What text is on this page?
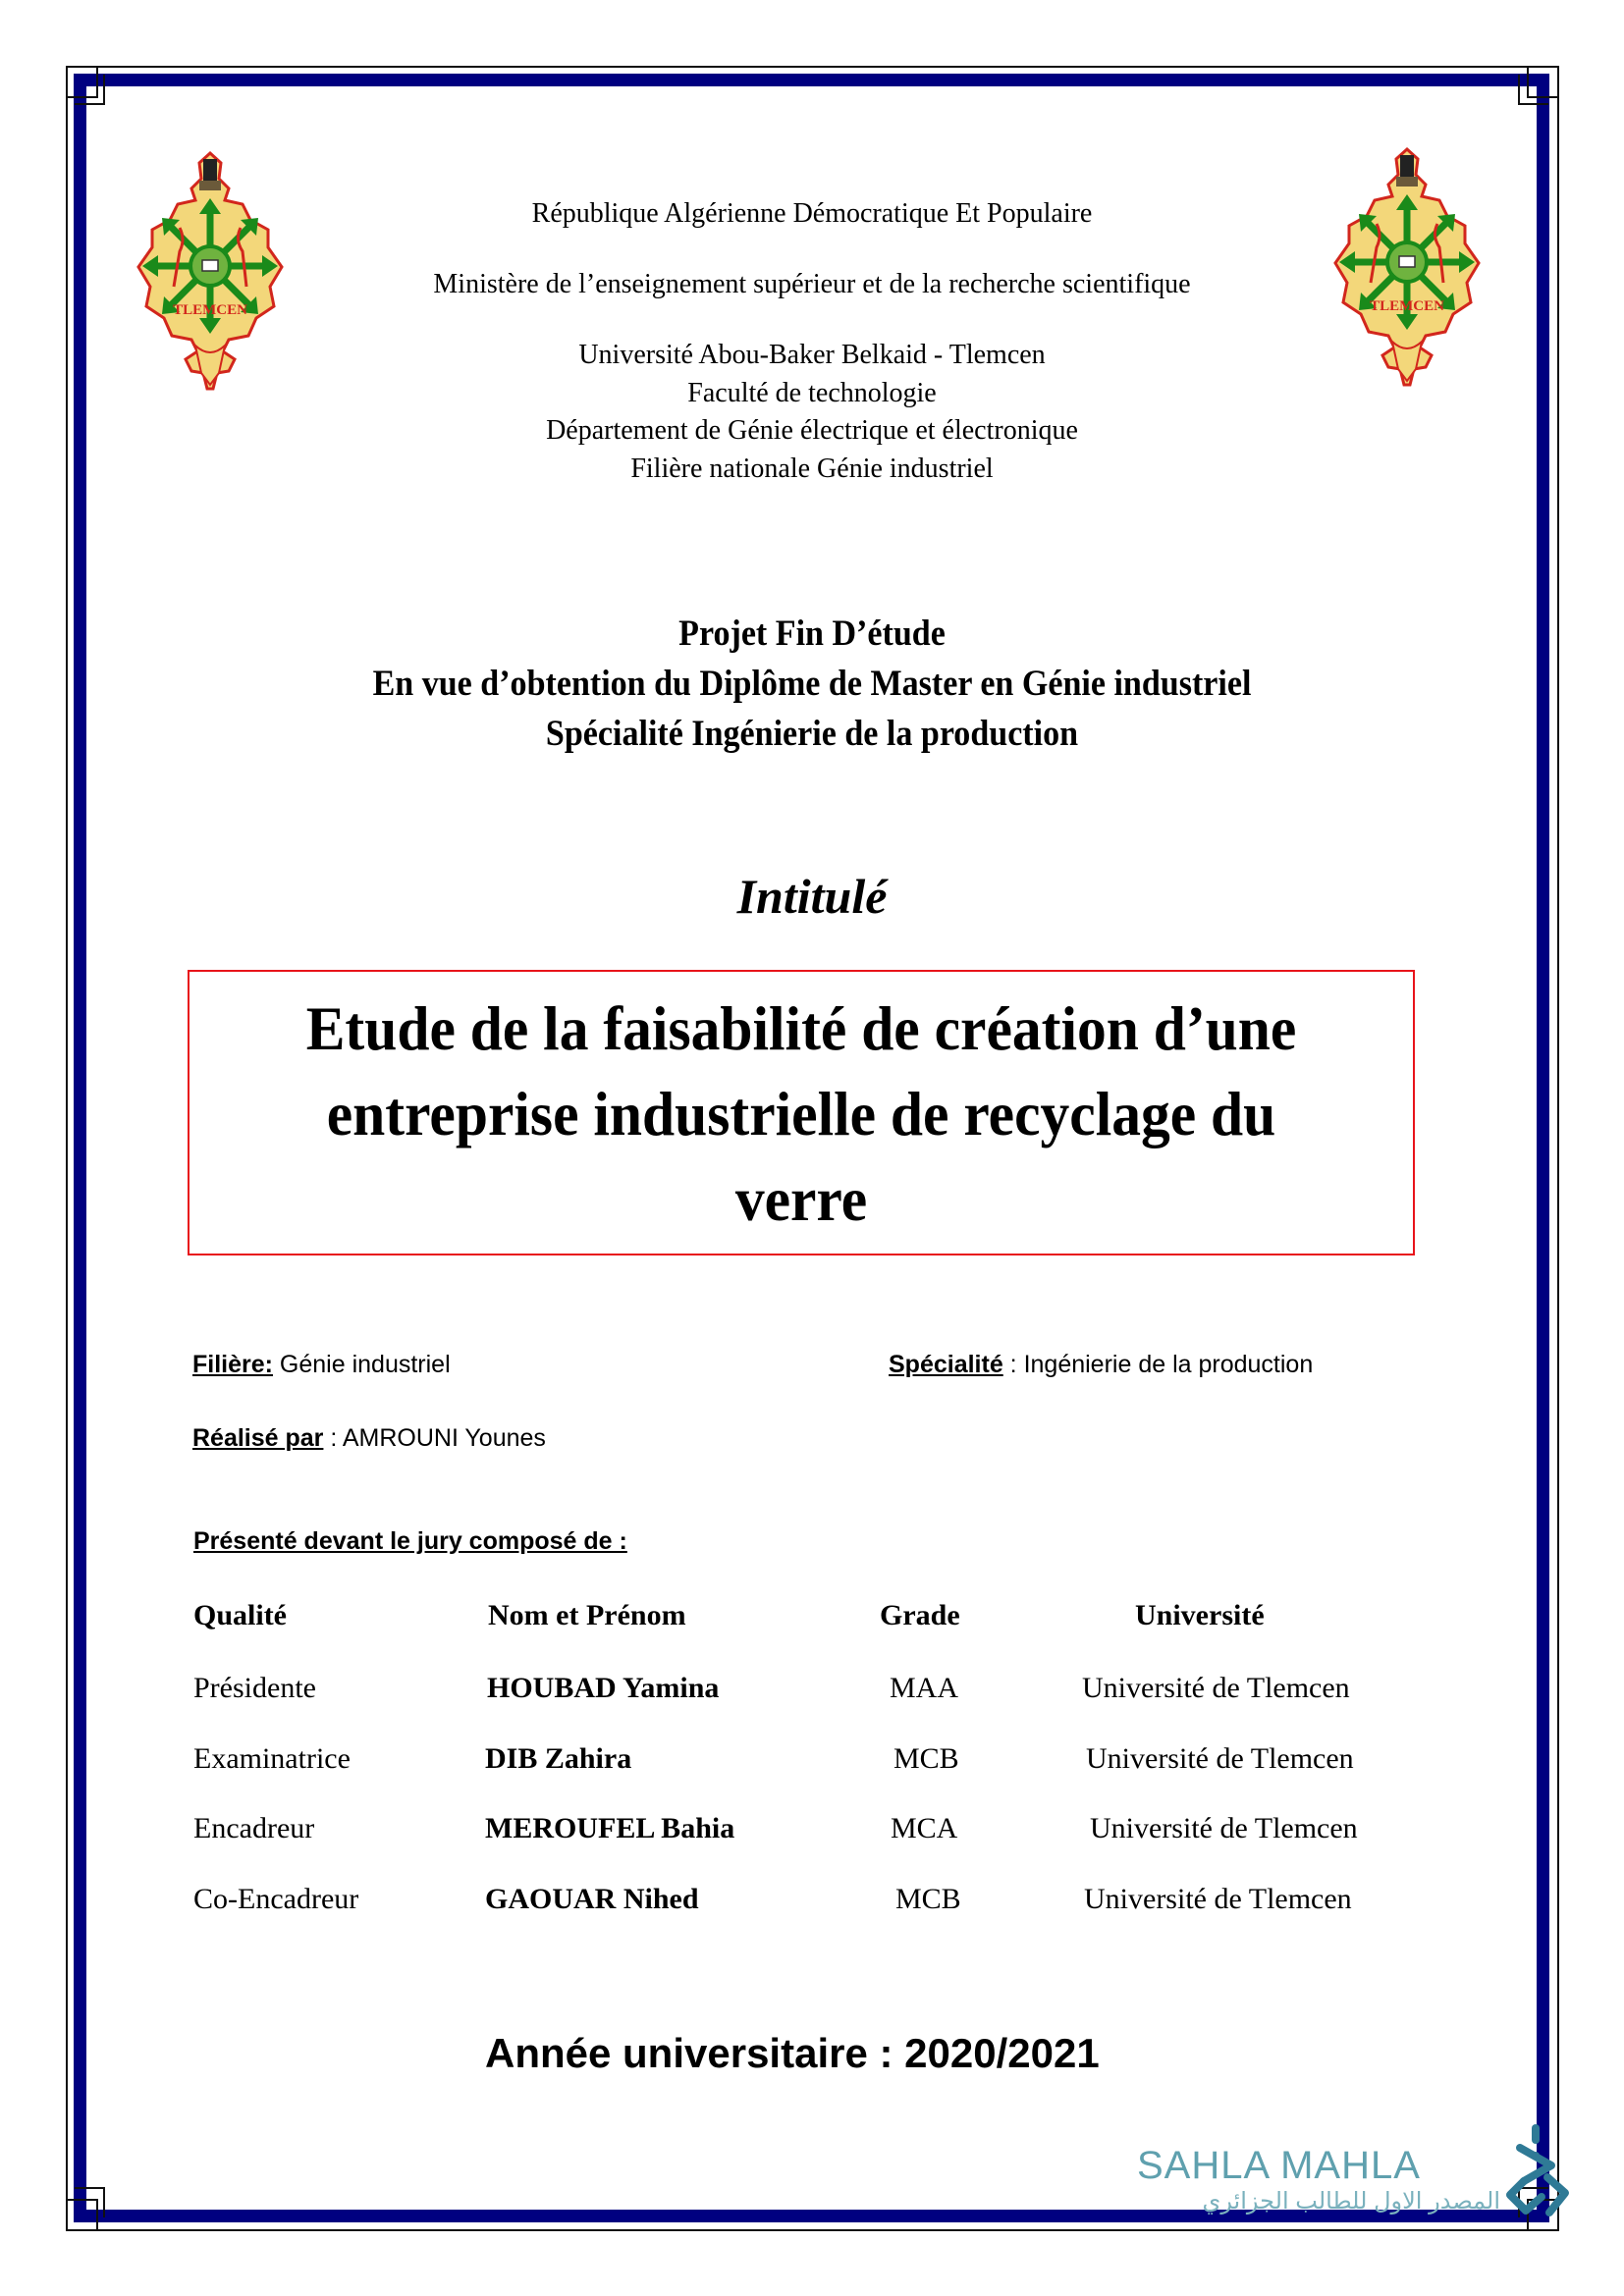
TLEMCEN	TLEMCEN
République Algérienne Démocratique Et Populaire
Ministère de l’enseignement supérieur et de la recherche scientifique
Université Abou-Baker Belkaid - Tlemcen
Faculté de technologie
Département de Génie électrique et électronique
Filière nationale Génie industriel
Projet Fin D’étude
En vue d’obtention du Diplôme de Master en Génie industriel
Spécialité Ingénierie de la production
Intitulé
Etude de la faisabilité de création d’une
entreprise industrielle de recyclage du
verre
Filière: Génie industriel	Spécialité : Ingénierie de la production
Réalisé par : AMROUNI Younes
Présenté devant le jury composé de :
Qualité	Nom et Prénom	Grade	Université
Présidente	HOUBAD Yamina	MAA	Université de Tlemcen
Examinatrice	DIB Zahira	MCB	Université de Tlemcen
Encadreur	MEROUFEL Bahia	MCA	Université de Tlemcen
Co-Encadreur	GAOUAR Nihed	MCB	Université de Tlemcen
Année universitaire : 2020/2021
SAHLA MAHLA
المصدر الاول للطالب الجزائري
